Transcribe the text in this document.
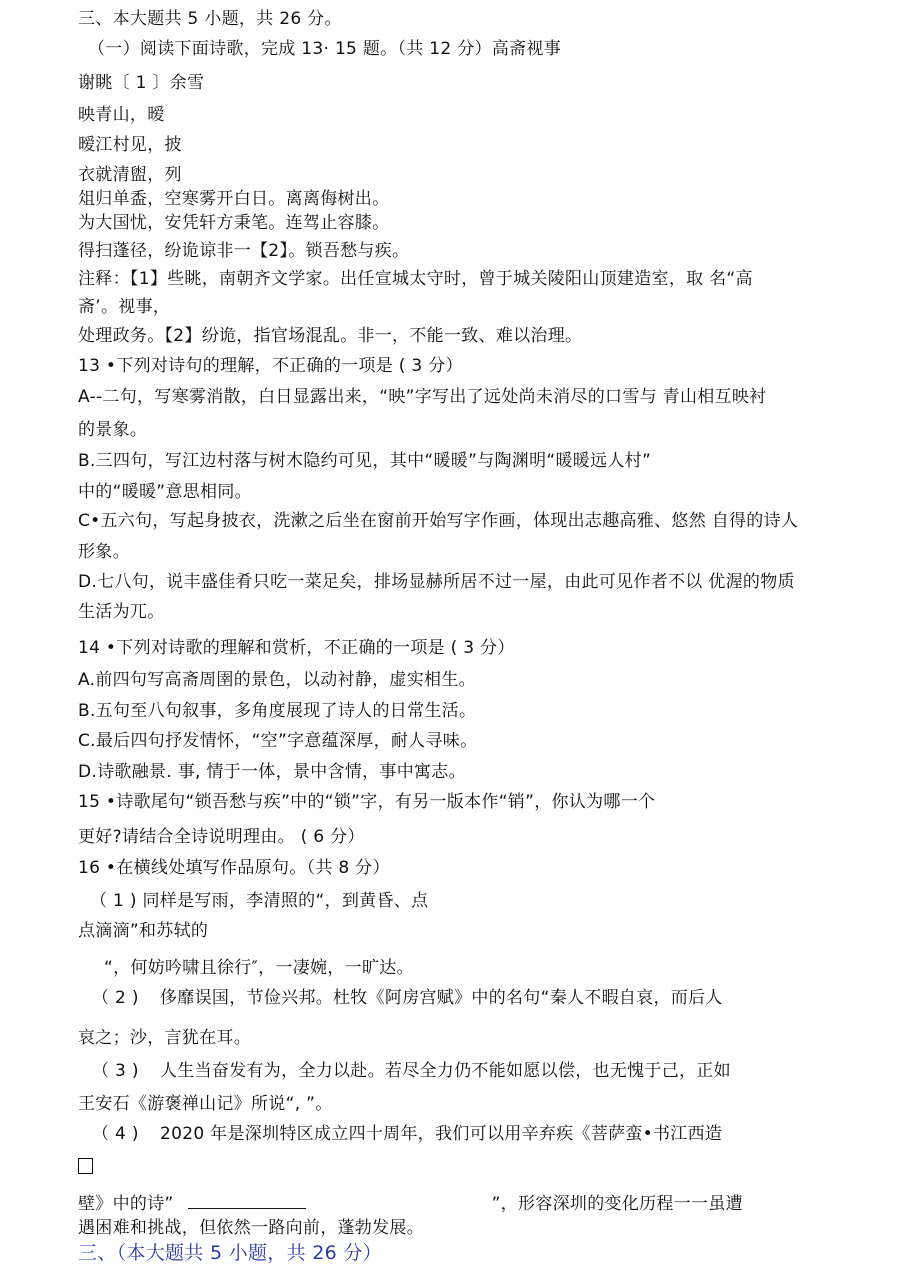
三、本大题共 5 小题，共 26 分。

（一）阅读下面诗歌，完成 13· 15 题。（共 12 分）高斋视事

谢眺〔 1 〕余雪

映青山，暧

暧江村见，披

衣就清盥，列

俎归单盉，空寒雾开白日。离离侮树出。

为大国忧，安凭轩方秉笔。连驾止容膝。

得扫蓬径，纷诡谅非一【2】。锁吾愁与疾。

注释：【1】些眺，南朝齐文学家。出任宣城太守时，曾于城关陵阳山顶建造室，取 名“高

斋’。视事，

处理政务。【2】纷诡，指官场混乱。非一，不能一致、难以治理。

13 •下列对诗句的理解，不正确的一项是 ( 3 分）

A--二句，写寒雾消散，白日显露出来，“映”字写出了远处尚未消尽的口雪与 青山相互映衬

的景象。

B.三四句，写江边村落与树木隐约可见，其中“暖暖”与陶渊明“暖暖远人村”

中的“暖暖”意思相同。

C•五六句，写起身披衣，洗漱之后坐在窗前开始写字作画，体现出志趣高雅、悠然 自得的诗人

形象。

D.七八句，说丰盛佳肴只吃一菜足矣，排场显赫所居不过一屋，由此可见作者不以 优渥的物质

生活为兀。

14 •下列对诗歌的理解和赏析，不正确的一项是 ( 3 分）

A.前四句写高斋周圉的景色，以动衬静，虚实相生。

B.五句至八句叙事，多角度展现了诗人的日常生活。

C.最后四句抒发情怀，“空”字意蕴深厚，耐人寻味。

D.诗歌融景. 事, 情于一体，景中含情，事中寓志。

15 •诗歌尾句“锁吾愁与疾”中的“锁”字，有另一版本作“销”，你认为哪一个

更好?请结合全诗说明理由。 ( 6 分）

16 •在横线处填写作品原句。（共 8 分）

（ 1 ) 同样是写雨，李清照的“，到黄昏、点

点滴滴”和苏轼的

“，何妨吟啸且徐行″，一凄婉，一旷达。

（ 2 ) 侈靡误国，节俭兴邦。杜牧《阿房宫赋》中的名句“秦人不暇自哀，而后人

哀之；沙，言犹在耳。

（ 3 ) 人生当奋发有为，全力以赴。若尽全力仍不能如愿以偿，也无愧于己，正如

王安石《游褒禅山记》所说“, ”。

（ 4 ) 2020 年是深圳特区成立四十周年，我们可以用辛弃疾《菩萨蛮•书江西造

壁》中的诗”	”，形容深圳的变化历程一一虽遭

遇困难和挑战，但依然一路向前，蓬勃发展。

三、（本大题共 5 小题，共 26 分）
